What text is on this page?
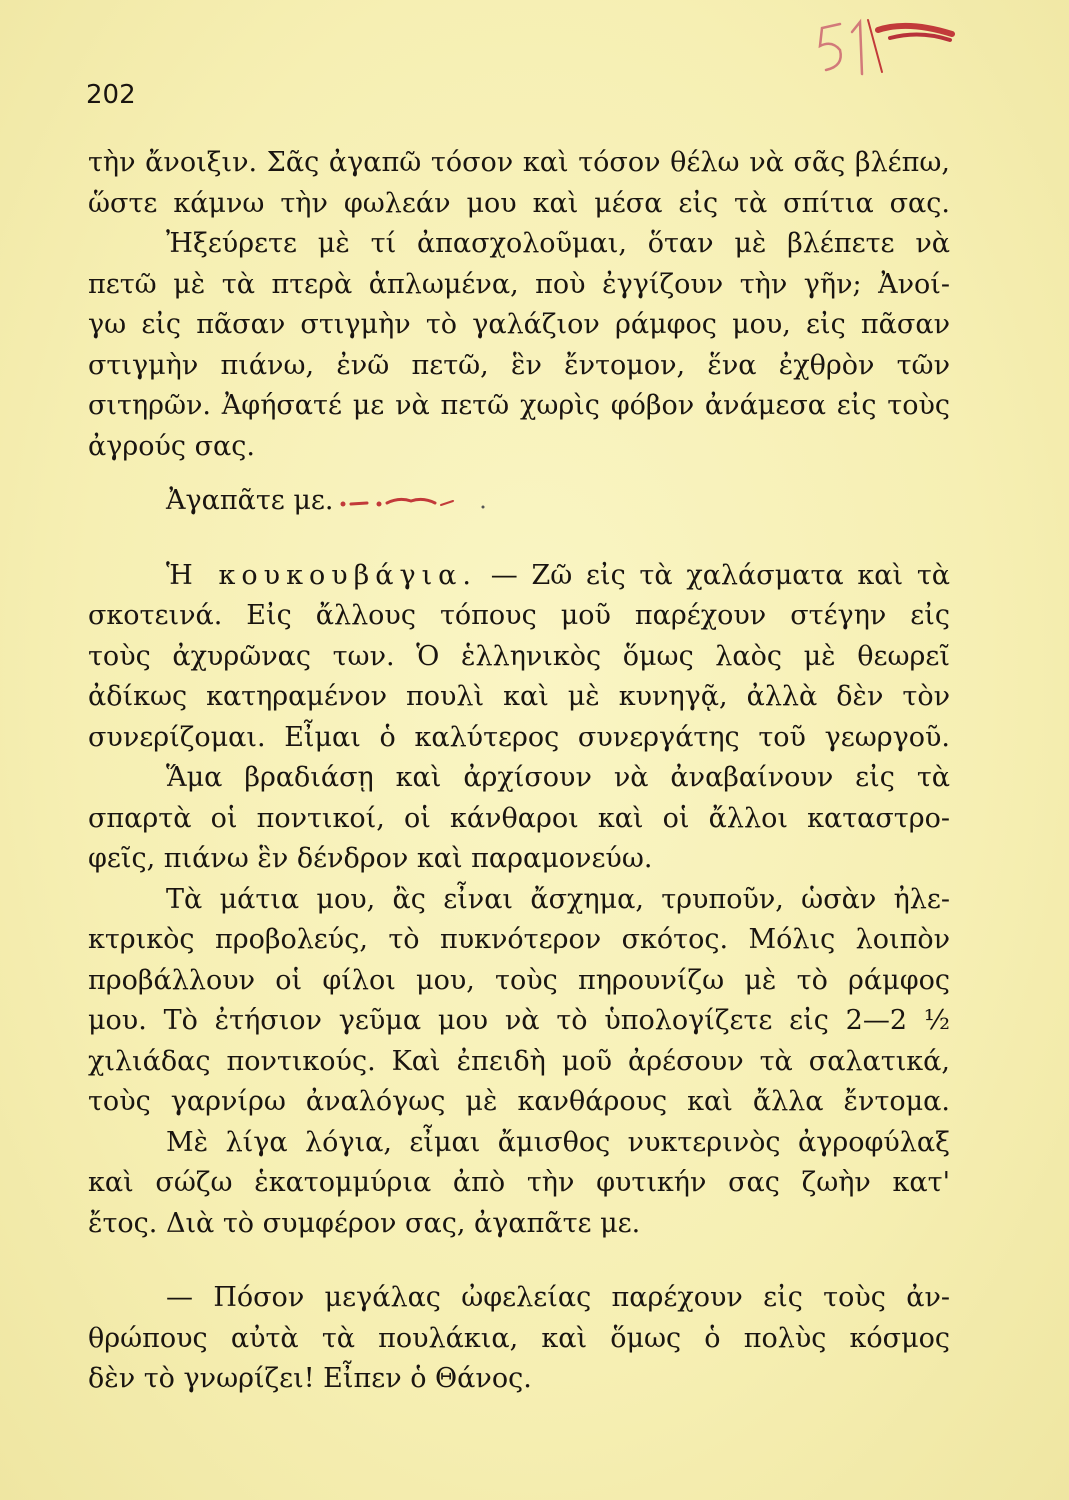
202
τὴν ἄνοιξιν. Σᾶς ἀγαπῶ τόσον καὶ τόσον θέλω νὰ σᾶς βλέπω,
ὥστε κάμνω τὴν φωλεάν μου καὶ μέσα εἰς τὰ σπίτια σας.
Ἠξεύρετε μὲ τί ἀπασχολοῦμαι, ὅταν μὲ βλέπετε νὰ
πετῶ μὲ τὰ πτερὰ ἁπλωμένα, ποὺ ἐγγίζουν τὴν γῆν; Ἀνοί-
γω εἰς πᾶσαν στιγμὴν τὸ γαλάζιον ράμφος μου, εἰς πᾶσαν
στιγμὴν πιάνω, ἐνῶ πετῶ, ἓν ἔντομον, ἕνα ἐχθρὸν τῶν
σιτηρῶν. Ἀφήσατέ με νὰ πετῶ χωρὶς φόβον ἀνάμεσα εἰς τοὺς
ἀγρούς σας.
Ἀγαπᾶτε με.
Ἡ κουκουβάγια. — Ζῶ εἰς τὰ χαλάσματα καὶ τὰ
σκοτεινά. Εἰς ἄλλους τόπους μοῦ παρέχουν στέγην εἰς
τοὺς ἀχυρῶνας των. Ὁ ἑλληνικὸς ὅμως λαὸς μὲ θεωρεῖ
ἀδίκως κατηραμένον πουλὶ καὶ μὲ κυνηγᾷ, ἀλλὰ δὲν τὸν
συνερίζομαι. Εἶμαι ὁ καλύτερος συνεργάτης τοῦ γεωργοῦ.
Ἅμα βραδιάσῃ καὶ ἀρχίσουν νὰ ἀναβαίνουν εἰς τὰ
σπαρτὰ οἱ ποντικοί, οἱ κάνθαροι καὶ οἱ ἄλλοι καταστρο-
φεῖς, πιάνω ἓν δένδρον καὶ παραμονεύω.
Τὰ μάτια μου, ἂς εἶναι ἄσχημα, τρυποῦν, ὡσὰν ἠλε-
κτρικὸς προβολεύς, τὸ πυκνότερον σκότος. Μόλις λοιπὸν
προβάλλουν οἱ φίλοι μου, τοὺς πηρουνίζω μὲ τὸ ράμφος
μου. Τὸ ἐτήσιον γεῦμα μου νὰ τὸ ὑπολογίζετε εἰς 2—2 ½
χιλιάδας ποντικούς. Καὶ ἐπειδὴ μοῦ ἀρέσουν τὰ σαλατικά,
τοὺς γαρνίρω ἀναλόγως μὲ κανθάρους καὶ ἄλλα ἔντομα.
Μὲ λίγα λόγια, εἶμαι ἄμισθος νυκτερινὸς ἀγροφύλαξ
καὶ σώζω ἑκατομμύρια ἀπὸ τὴν φυτικήν σας ζωὴν κατ'
ἔτος. Διὰ τὸ συμφέρον σας, ἀγαπᾶτε με.
— Πόσον μεγάλας ὠφελείας παρέχουν εἰς τοὺς ἀν-
θρώπους αὐτὰ τὰ πουλάκια, καὶ ὅμως ὁ πολὺς κόσμος
δὲν τὸ γνωρίζει! Εἶπεν ὁ Θάνος.
